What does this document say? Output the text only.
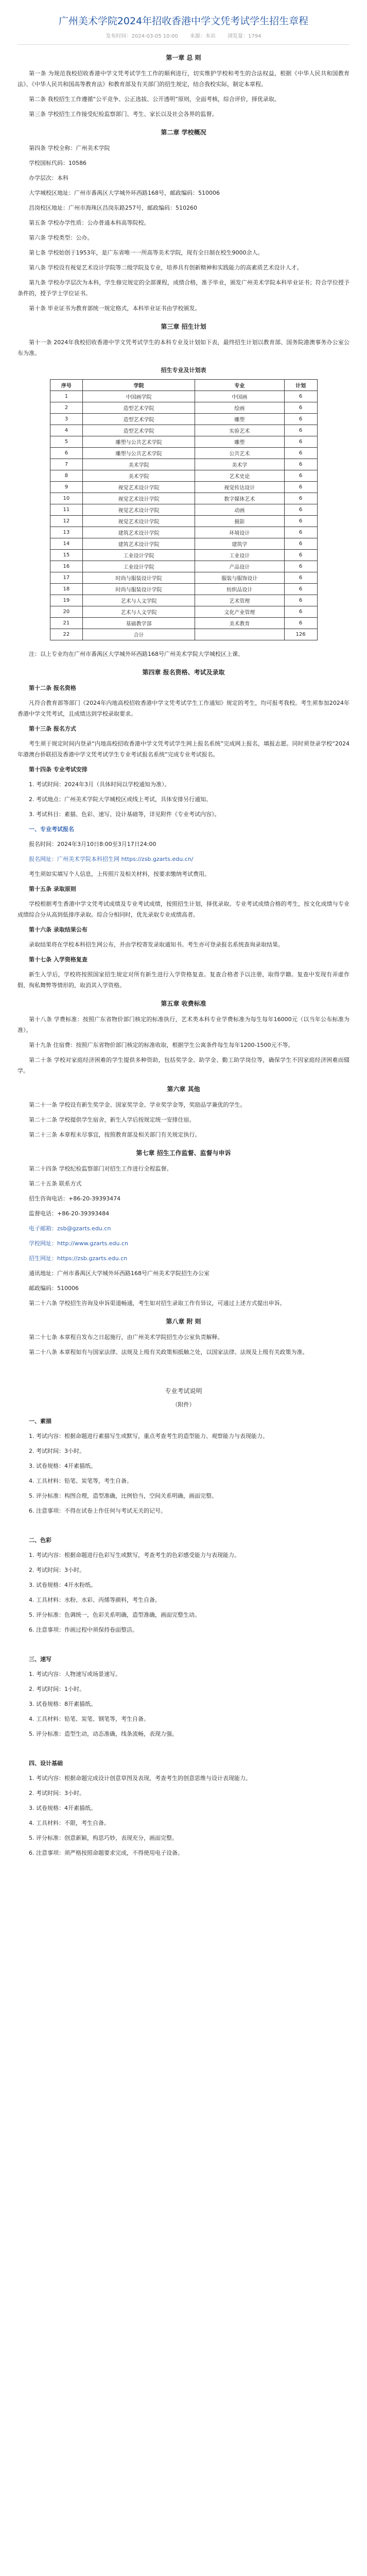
广州美术学院2024年招收香港中学文凭考试学生招生章程
发布时间：2024-03-05 10:00 来源：本站 浏览量：1794
第一章 总 则

第一条 为规范我校招收香港中学文凭考试学生工作的顺利进行，切实维护学校和考生的合法权益，根据《中华人民共和国教育法》、《中华人民共和国高等教育法》和教育部及有关部门的招生规定，结合我校实际，制定本章程。

第二条 我校招生工作遵循“公平竞争、公正选拔、公开透明”原则，全面考核，综合评价，择优录取。

第三条 学校招生工作接受纪检监察部门、考生、家长以及社会各界的监督。

第二章 学校概况

第四条 学校全称：广州美术学院

学校国标代码：10586

办学层次：本科

大学城校区地址：广州市番禺区大学城外环西路168号，邮政编码：510006

昌岗校区地址：广州市海珠区昌岗东路257号，邮政编码：510260

第五条 学校办学性质：公办普通本科高等院校。

第六条 学校类型：公办。

第七条 学校始创于1953年，是广东省唯一一所高等美术学院，现有全日制在校生9000余人。

第八条 学校设有视觉艺术设计学院等二级学院及专业，培养具有创新精神和实践能力的高素质艺术设计人才。

第九条 学校办学层次为本科，学生修完规定的全部课程，成绩合格，准予毕业，颁发广州美术学院本科毕业证书；符合学位授予条件的，授予学士学位证书。

第十条 毕业证书为教育部统一规定格式，本科毕业证书由学校颁发。

第三章 招生计划

第十一条 2024年我校招收香港中学文凭考试学生的本科专业及计划如下表，最终招生计划以教育部、国务院港澳事务办公室公布为准。

招生专业及计划表
序号	学院	专业	计划
1	中国画学院	中国画	6
2	造型艺术学院	绘画	6
3	造型艺术学院	雕塑	6
4	造型艺术学院	实验艺术	6
5	雕塑与公共艺术学院	雕塑	6
6	雕塑与公共艺术学院	公共艺术	6
7	美术学院	美术学	6
8	美术学院	艺术史论	6
9	视觉艺术设计学院	视觉传达设计	6
10	视觉艺术设计学院	数字媒体艺术	6
11	视觉艺术设计学院	动画	6
12	视觉艺术设计学院	摄影	6
13	建筑艺术设计学院	环境设计	6
14	建筑艺术设计学院	建筑学	6
15	工业设计学院	工业设计	6
16	工业设计学院	产品设计	6
17	时尚与服装设计学院	服装与服饰设计	6
18	时尚与服装设计学院	纺织品设计	6
19	艺术与人文学院	艺术管理	6
20	艺术与人文学院	文化产业管理	6
21	基础教学部	美术教育	6
22	合计		126

注：以上专业均在广州市番禺区大学城外环西路168号广州美术学院大学城校区上课。

第四章 报名资格、考试及录取

第十二条 报名资格

凡符合教育部等部门《2024年内地高校招收香港中学文凭考试学生工作通知》规定的考生，均可报考我校。考生须参加2024年香港中学文凭考试，且成绩达到学校录取要求。

第十三条 报名方式

考生须于规定时间内登录“内地高校招收香港中学文凭考试学生网上报名系统”完成网上报名，填报志愿。同时须登录学校“2024年港澳台侨联招及香港中学文凭考试学生专业考试报名系统”完成专业考试报名。

第十四条 专业考试安排

1. 考试时间：2024年3月（具体时间以学校通知为准）。

2. 考试地点：广州美术学院大学城校区或线上考试，具体安排另行通知。

3. 考试科目：素描、色彩、速写、设计基础等，详见附件《专业考试内容》。

一、专业考试报名

报名时间：2024年3月10日8:00至3月17日24:00

报名网址：广州美术学院本科招生网 https://zsb.gzarts.edu.cn/

考生须如实填写个人信息，上传照片及相关材料，按要求缴纳考试费用。

第十五条 录取原则

学校根据考生香港中学文凭考试成绩及专业考试成绩，按照招生计划，择优录取。专业考试成绩合格的考生，按文化成绩与专业成绩综合分从高到低排序录取。综合分相同时，优先录取专业成绩高者。

第十六条 录取结果公布

录取结果将在学校本科招生网公布，并由学校寄发录取通知书。考生亦可登录报名系统查询录取结果。

第十七条 入学资格复查

新生入学后，学校将按照国家招生规定对所有新生进行入学资格复查。复查合格者予以注册，取得学籍。复查中发现有弄虚作假、徇私舞弊等情形的，取消其入学资格。

第五章 收费标准

第十八条 学费标准：按照广东省物价部门核定的标准执行，艺术类本科专业学费标准为每生每年16000元（以当年公布标准为准）。

第十九条 住宿费：按照广东省物价部门核定的标准收取，根据学生公寓条件每生每年1200-1500元不等。

第二十条 学校对家庭经济困难的学生提供多种资助，包括奖学金、助学金、勤工助学岗位等，确保学生不因家庭经济困难而辍学。

第六章 其他

第二十一条 学校设有新生奖学金、国家奖学金、学业奖学金等，奖励品学兼优的学生。

第二十二条 学校提供学生宿舍，新生入学后按规定统一安排住宿。

第二十三条 本章程未尽事宜，按照教育部及相关部门有关规定执行。

第七章 招生工作监督、监督与申诉

第二十四条 学校纪检监察部门对招生工作进行全程监督。

第二十五条 联系方式

招生咨询电话：+86-20-39393474

监督电话：+86-20-39393484

电子邮箱：zsb@gzarts.edu.cn

学校网址：http://www.gzarts.edu.cn

招生网址：https://zsb.gzarts.edu.cn

通讯地址：广州市番禺区大学城外环西路168号广州美术学院招生办公室

邮政编码：510006

第二十六条 学校招生咨询及申诉渠道畅通，考生如对招生录取工作有异议，可通过上述方式提出申诉。

第八章 附 则

第二十七条 本章程自发布之日起施行，由广州美术学院招生办公室负责解释。

第二十八条 本章程如有与国家法律、法规及上级有关政策相抵触之处，以国家法律、法规及上级有关政策为准。

专业考试说明
（附件）

一、素描

1. 考试内容：根据命题进行素描写生或默写，重点考查考生的造型能力、观察能力与表现能力。

2. 考试时间：3小时。

3. 试卷规格：4开素描纸。

4. 工具材料：铅笔、炭笔等，考生自备。

5. 评分标准：构图合理，造型准确，比例恰当，空间关系明确，画面完整。

6. 注意事项：不得在试卷上作任何与考试无关的记号。

二、色彩

1. 考试内容：根据命题进行色彩写生或默写，考查考生的色彩感受能力与表现能力。

2. 考试时间：3小时。

3. 试卷规格：4开水粉纸。

4. 工具材料：水粉、水彩、丙烯等颜料，考生自备。

5. 评分标准：色调统一，色彩关系明确，造型准确，画面完整生动。

6. 注意事项：作画过程中须保持卷面整洁。

三、速写

1. 考试内容：人物速写或场景速写。

2. 考试时间：1小时。

3. 试卷规格：8开素描纸。

4. 工具材料：铅笔、炭笔、钢笔等，考生自备。

5. 评分标准：造型生动，动态准确，线条流畅，表现力强。

四、设计基础

1. 考试内容：根据命题完成设计创意草图及表现，考查考生的创意思维与设计表现能力。

2. 考试时间：3小时。

3. 试卷规格：4开素描纸。

4. 工具材料：不限，考生自备。

5. 评分标准：创意新颖，构思巧妙，表现充分，画面完整。

6. 注意事项：须严格按照命题要求完成，不得使用电子设备。
